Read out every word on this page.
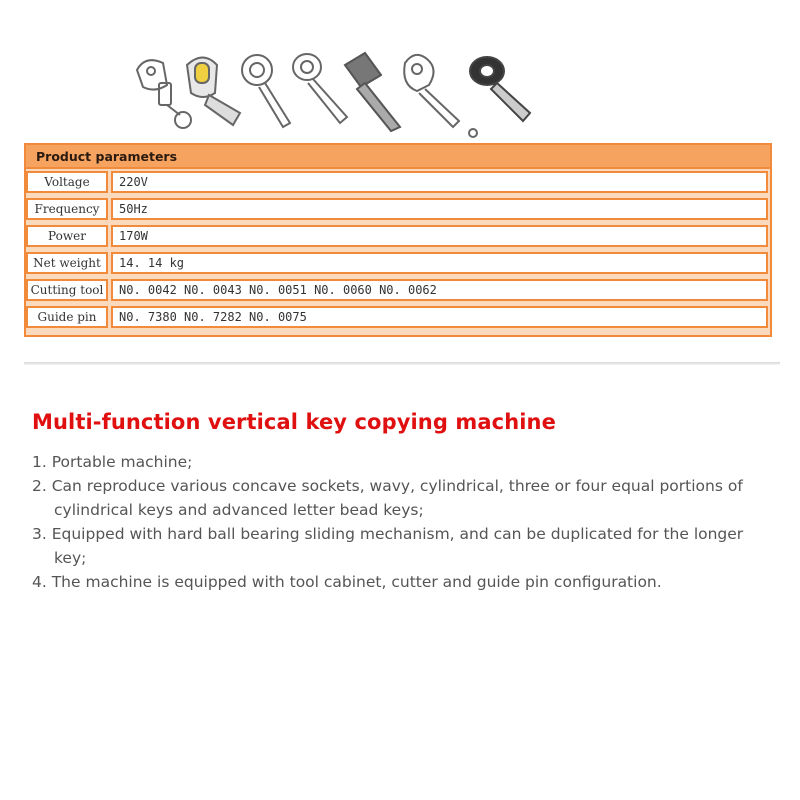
Product parameters
Voltage	220V
Frequency	50Hz
Power	170W
Net weight	14. 14 kg
Cutting tool	N0. 0042 N0. 0043 N0. 0051 N0. 0060 N0. 0062
Guide pin	N0. 7380 N0. 7282 N0. 0075
Multi-function vertical key copying machine
1. Portable machine;
2. Can reproduce various concave sockets, wavy, cylindrical, three or four equal portions of cylindrical keys and advanced letter bead keys;
3. Equipped with hard ball bearing sliding mechanism, and can be duplicated for the longer key;
4. The machine is equipped with tool cabinet, cutter and guide pin configuration.
